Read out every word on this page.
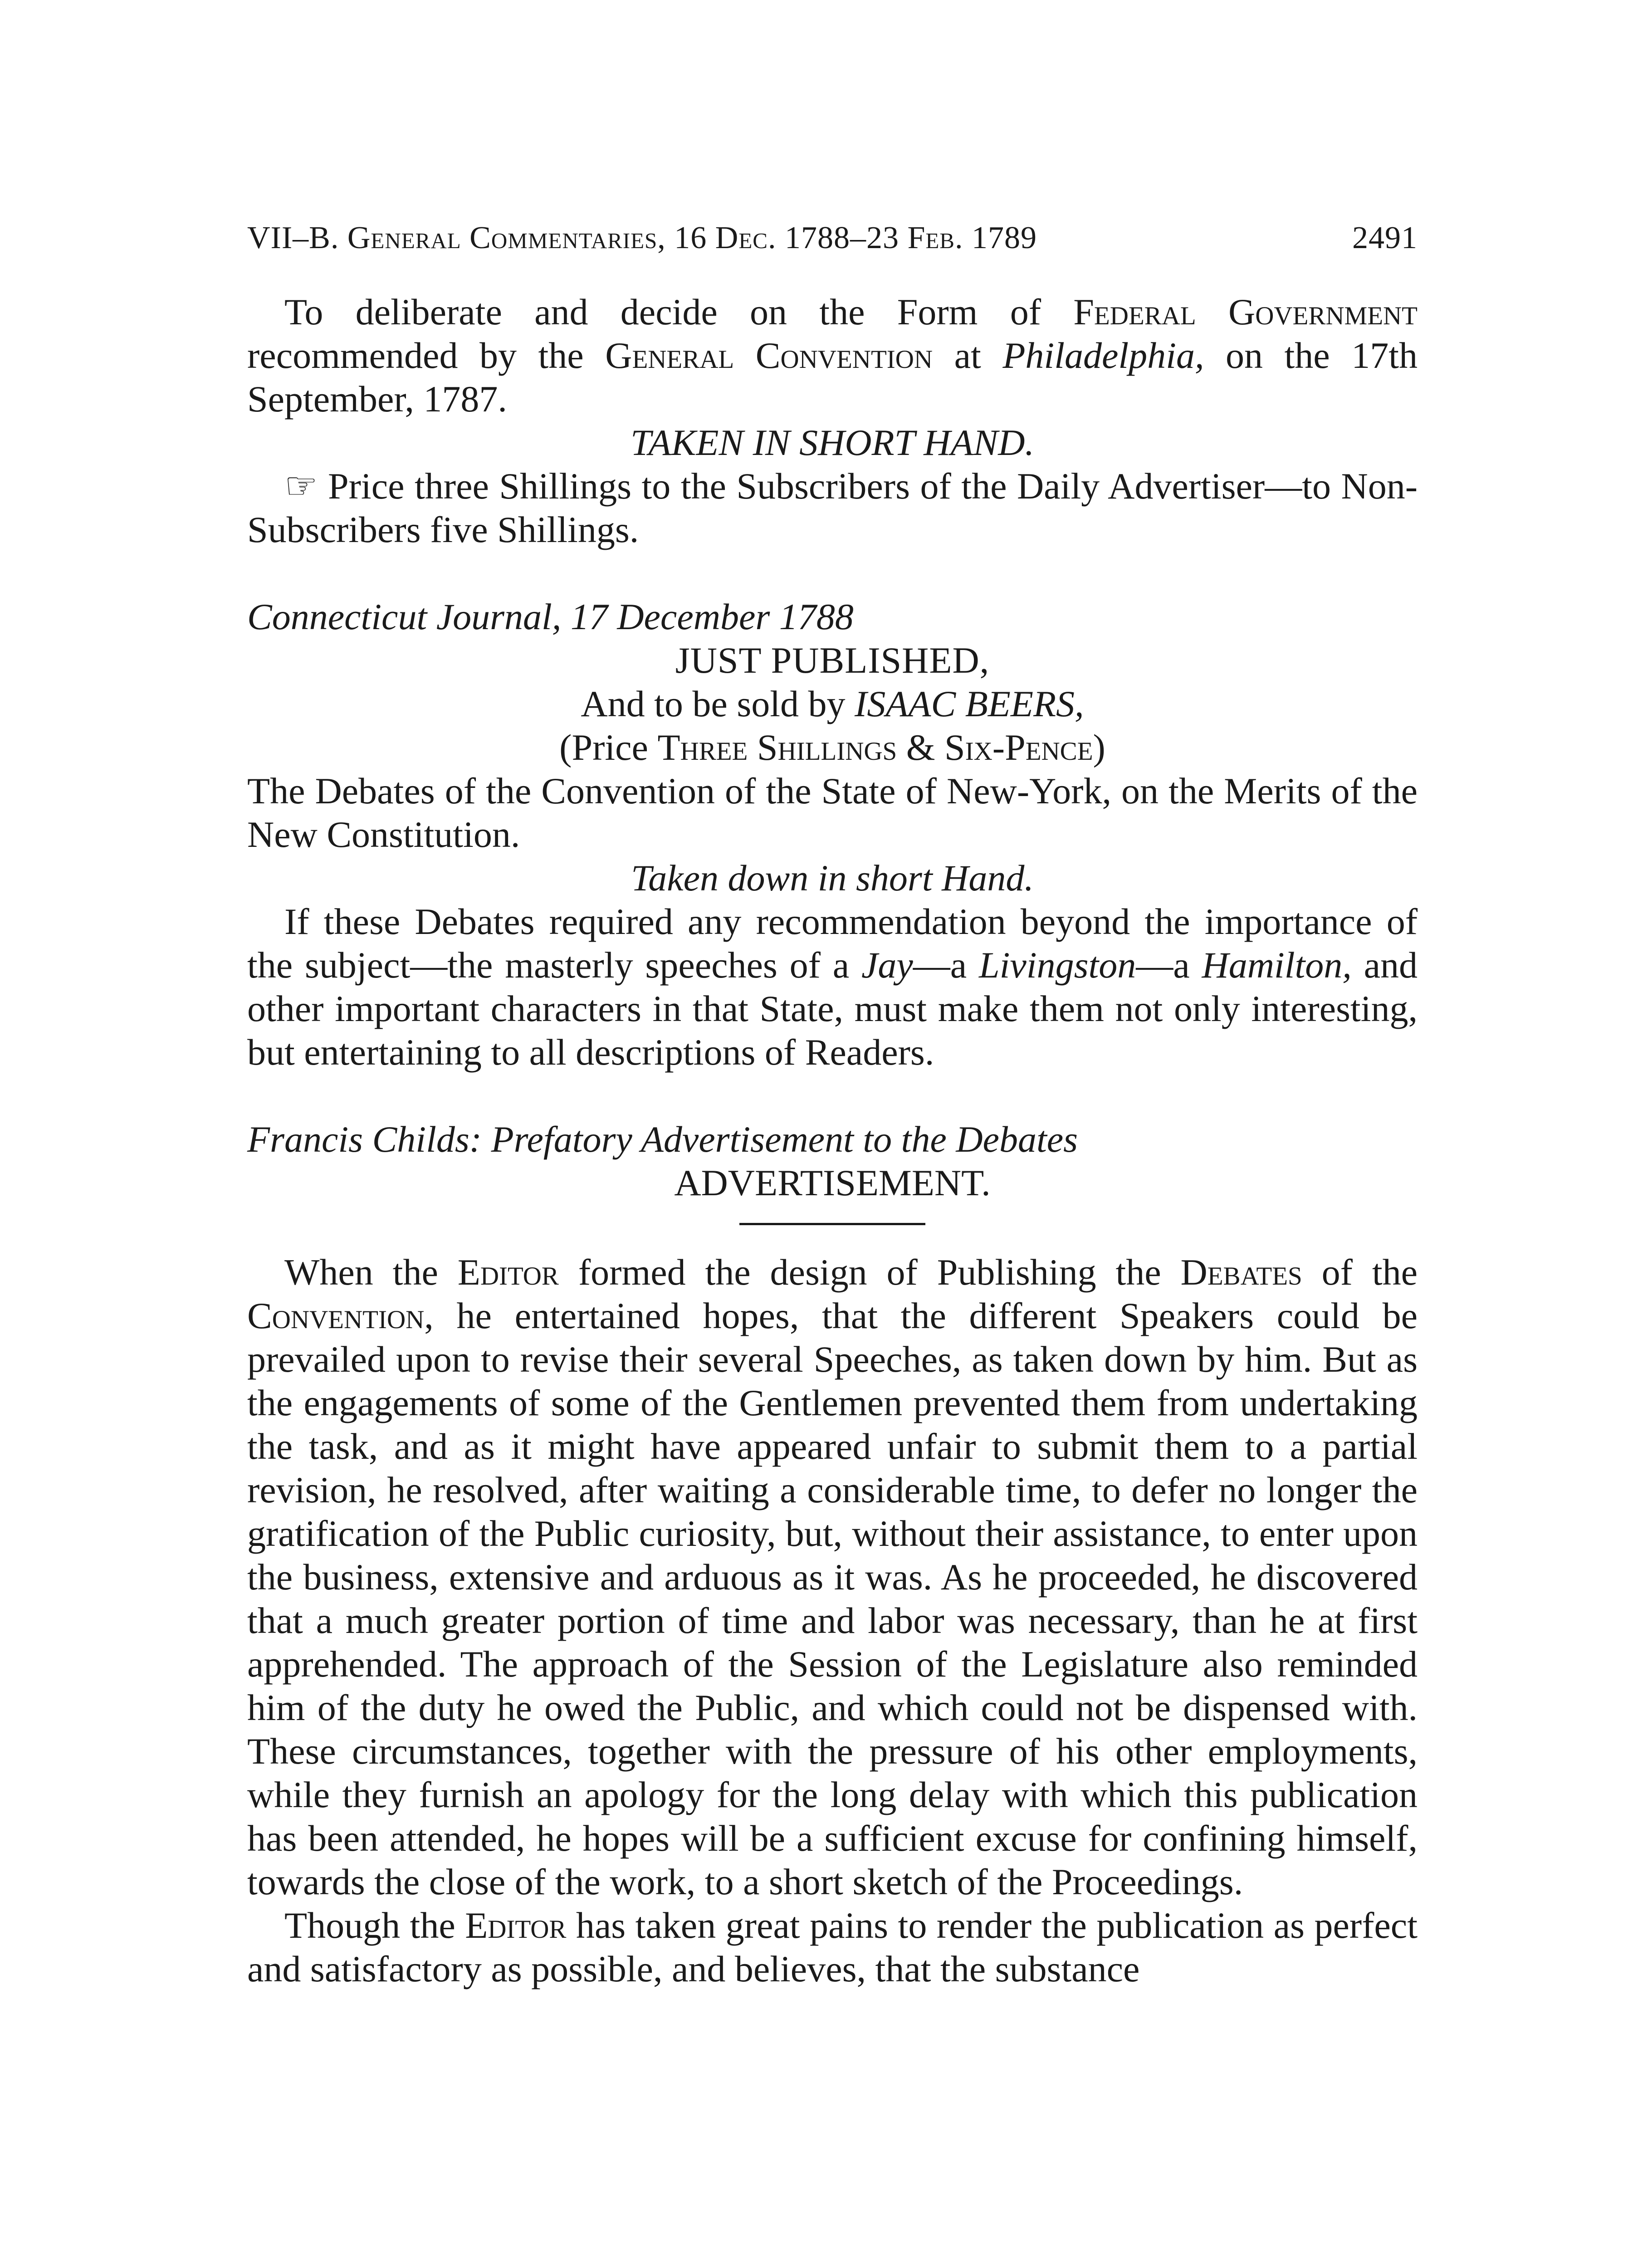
VII–B. General Commentaries, 16 Dec. 1788–23 Feb. 1789	2491

To deliberate and decide on the Form of Federal Government recommended by the General Convention at Philadelphia, on the 17th September, 1787.

TAKEN IN SHORT HAND.

☞ Price three Shillings to the Subscribers of the Daily Advertiser—to Non-Subscribers five Shillings.

Connecticut Journal, 17 December 1788

JUST PUBLISHED,

And to be sold by ISAAC BEERS,

(Price Three Shillings & Six-Pence)

The Debates of the Convention of the State of New-York, on the Merits of the New Constitution.

Taken down in short Hand.

If these Debates required any recommendation beyond the importance of the subject—the masterly speeches of a Jay—a Livingston—a Hamilton, and other important characters in that State, must make them not only interesting, but entertaining to all descriptions of Readers.

Francis Childs: Prefatory Advertisement to the Debates

ADVERTISEMENT.

When the Editor formed the design of Publishing the Debates of the Convention, he entertained hopes, that the different Speakers could be prevailed upon to revise their several Speeches, as taken down by him. But as the engagements of some of the Gentlemen prevented them from undertaking the task, and as it might have appeared unfair to submit them to a partial revision, he resolved, after waiting a considerable time, to defer no longer the gratification of the Public curiosity, but, without their assistance, to enter upon the business, extensive and arduous as it was. As he proceeded, he discovered that a much greater portion of time and labor was necessary, than he at first apprehended. The approach of the Session of the Legislature also reminded him of the duty he owed the Public, and which could not be dispensed with. These circumstances, together with the pressure of his other employments, while they furnish an apology for the long delay with which this publication has been attended, he hopes will be a sufficient excuse for confining himself, towards the close of the work, to a short sketch of the Proceedings.

Though the Editor has taken great pains to render the publication as perfect and satisfactory as possible, and believes, that the substance
